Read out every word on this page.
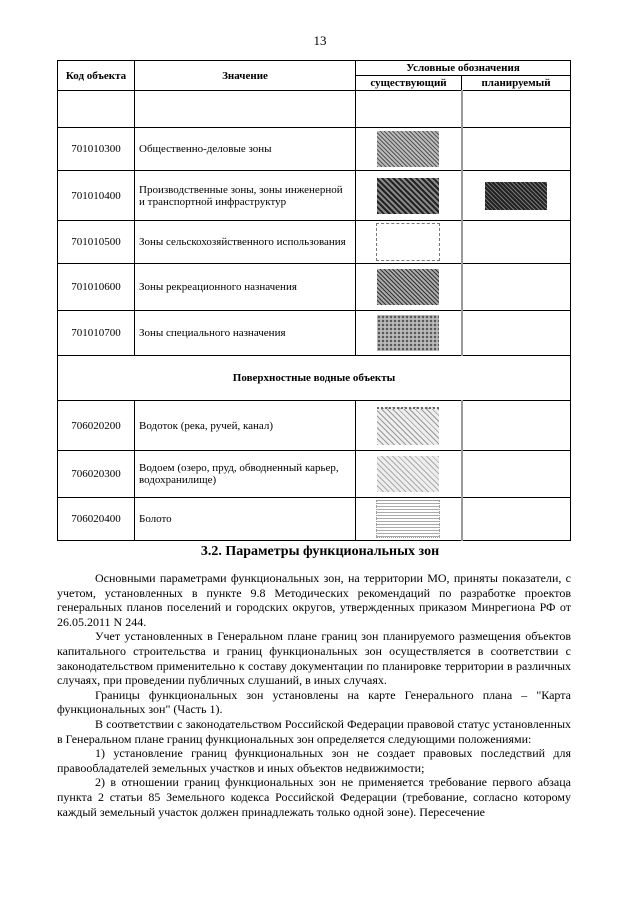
13
Код объекта	Значение	Условные обозначения	
		существующий	планируемый

701010300	Общественно-деловые зоны	

701010400	Производственные зоны, зоны инженерной и транспортной инфраструктур	

701010500	Зоны сельскохозяйственного использования	

701010600	Зоны рекреационного назначения	

701010700	Зоны специального назначения	

Поверхностные водные объекты			
706020200	Водоток (река, ручей, канал)	

706020300	Водоем (озеро, пруд, обводненный карьер, водохранилище)	

706020400	Болото	

3.2. Параметры функциональных зон

Основными параметрами функциональных зон, на территории МО, приняты показатели, с учетом, установленных в пункте 9.8 Методических рекомендаций по разработке проектов генеральных планов поселений и городских округов, утвержденных приказом Минрегиона РФ от 26.05.2011 N 244.

Учет установленных в Генеральном плане границ зон планируемого размещения объектов капитального строительства и границ функциональных зон осуществляется в соответствии с законодательством применительно к составу документации по планировке территории в различных случаях, при проведении публичных слушаний, в иных случаях.

Границы функциональных зон установлены на карте Генерального плана – "Карта функциональных зон" (Часть 1).

В соответствии с законодательством Российской Федерации правовой статус установленных в Генеральном плане границ функциональных зон определяется следующими положениями:

1) установление границ функциональных зон не создает правовых последствий для правообладателей земельных участков и иных объектов недвижимости;

2) в отношении границ функциональных зон не применяется требование первого абзаца пункта 2 статьи 85 Земельного кодекса Российской Федерации (требование, согласно которому каждый земельный участок должен принадлежать только одной зоне). Пересечение
